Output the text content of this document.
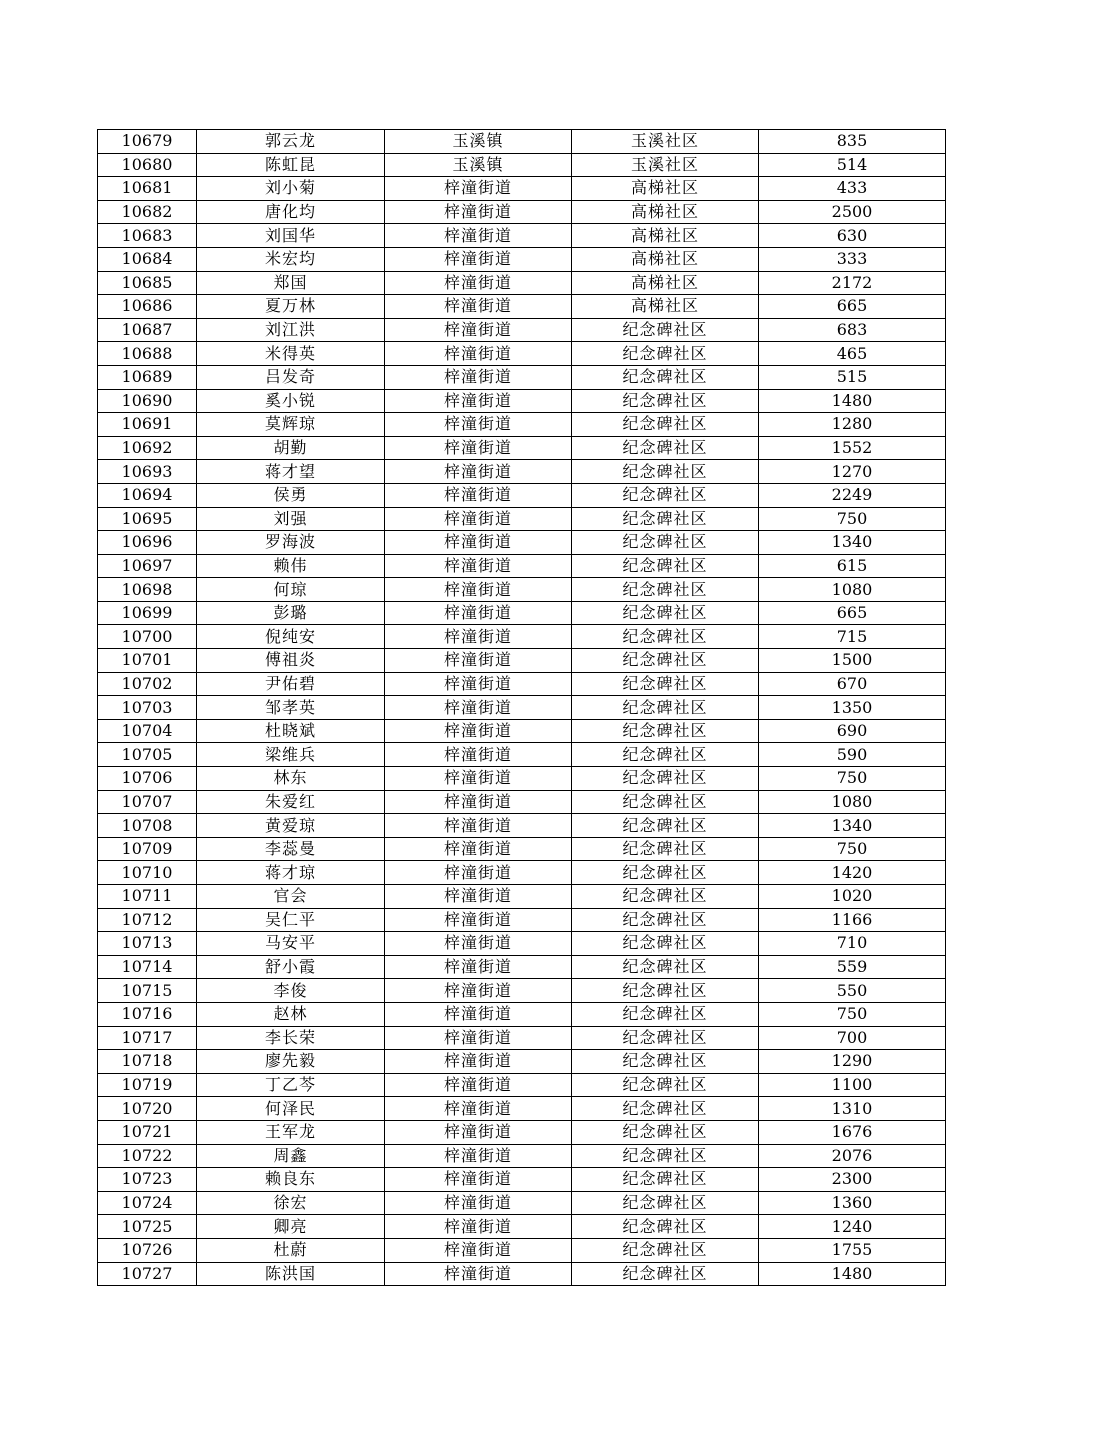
10679	郭云龙	玉溪镇	玉溪社区	835
10680	陈虹昆	玉溪镇	玉溪社区	514
10681	刘小菊	梓潼街道	高梯社区	433
10682	唐化均	梓潼街道	高梯社区	2500
10683	刘国华	梓潼街道	高梯社区	630
10684	米宏均	梓潼街道	高梯社区	333
10685	郑国	梓潼街道	高梯社区	2172
10686	夏万林	梓潼街道	高梯社区	665
10687	刘江洪	梓潼街道	纪念碑社区	683
10688	米得英	梓潼街道	纪念碑社区	465
10689	吕发奇	梓潼街道	纪念碑社区	515
10690	奚小锐	梓潼街道	纪念碑社区	1480
10691	莫辉琼	梓潼街道	纪念碑社区	1280
10692	胡勤	梓潼街道	纪念碑社区	1552
10693	蒋才望	梓潼街道	纪念碑社区	1270
10694	侯勇	梓潼街道	纪念碑社区	2249
10695	刘强	梓潼街道	纪念碑社区	750
10696	罗海波	梓潼街道	纪念碑社区	1340
10697	赖伟	梓潼街道	纪念碑社区	615
10698	何琼	梓潼街道	纪念碑社区	1080
10699	彭璐	梓潼街道	纪念碑社区	665
10700	倪纯安	梓潼街道	纪念碑社区	715
10701	傅祖炎	梓潼街道	纪念碑社区	1500
10702	尹佑碧	梓潼街道	纪念碑社区	670
10703	邹孝英	梓潼街道	纪念碑社区	1350
10704	杜晓斌	梓潼街道	纪念碑社区	690
10705	梁维兵	梓潼街道	纪念碑社区	590
10706	林东	梓潼街道	纪念碑社区	750
10707	朱爱红	梓潼街道	纪念碑社区	1080
10708	黄爱琼	梓潼街道	纪念碑社区	1340
10709	李蕊曼	梓潼街道	纪念碑社区	750
10710	蒋才琼	梓潼街道	纪念碑社区	1420
10711	官会	梓潼街道	纪念碑社区	1020
10712	吴仁平	梓潼街道	纪念碑社区	1166
10713	马安平	梓潼街道	纪念碑社区	710
10714	舒小霞	梓潼街道	纪念碑社区	559
10715	李俊	梓潼街道	纪念碑社区	550
10716	赵林	梓潼街道	纪念碑社区	750
10717	李长荣	梓潼街道	纪念碑社区	700
10718	廖先毅	梓潼街道	纪念碑社区	1290
10719	丁乙芩	梓潼街道	纪念碑社区	1100
10720	何泽民	梓潼街道	纪念碑社区	1310
10721	王军龙	梓潼街道	纪念碑社区	1676
10722	周鑫	梓潼街道	纪念碑社区	2076
10723	赖良东	梓潼街道	纪念碑社区	2300
10724	徐宏	梓潼街道	纪念碑社区	1360
10725	卿亮	梓潼街道	纪念碑社区	1240
10726	杜蔚	梓潼街道	纪念碑社区	1755
10727	陈洪国	梓潼街道	纪念碑社区	1480
